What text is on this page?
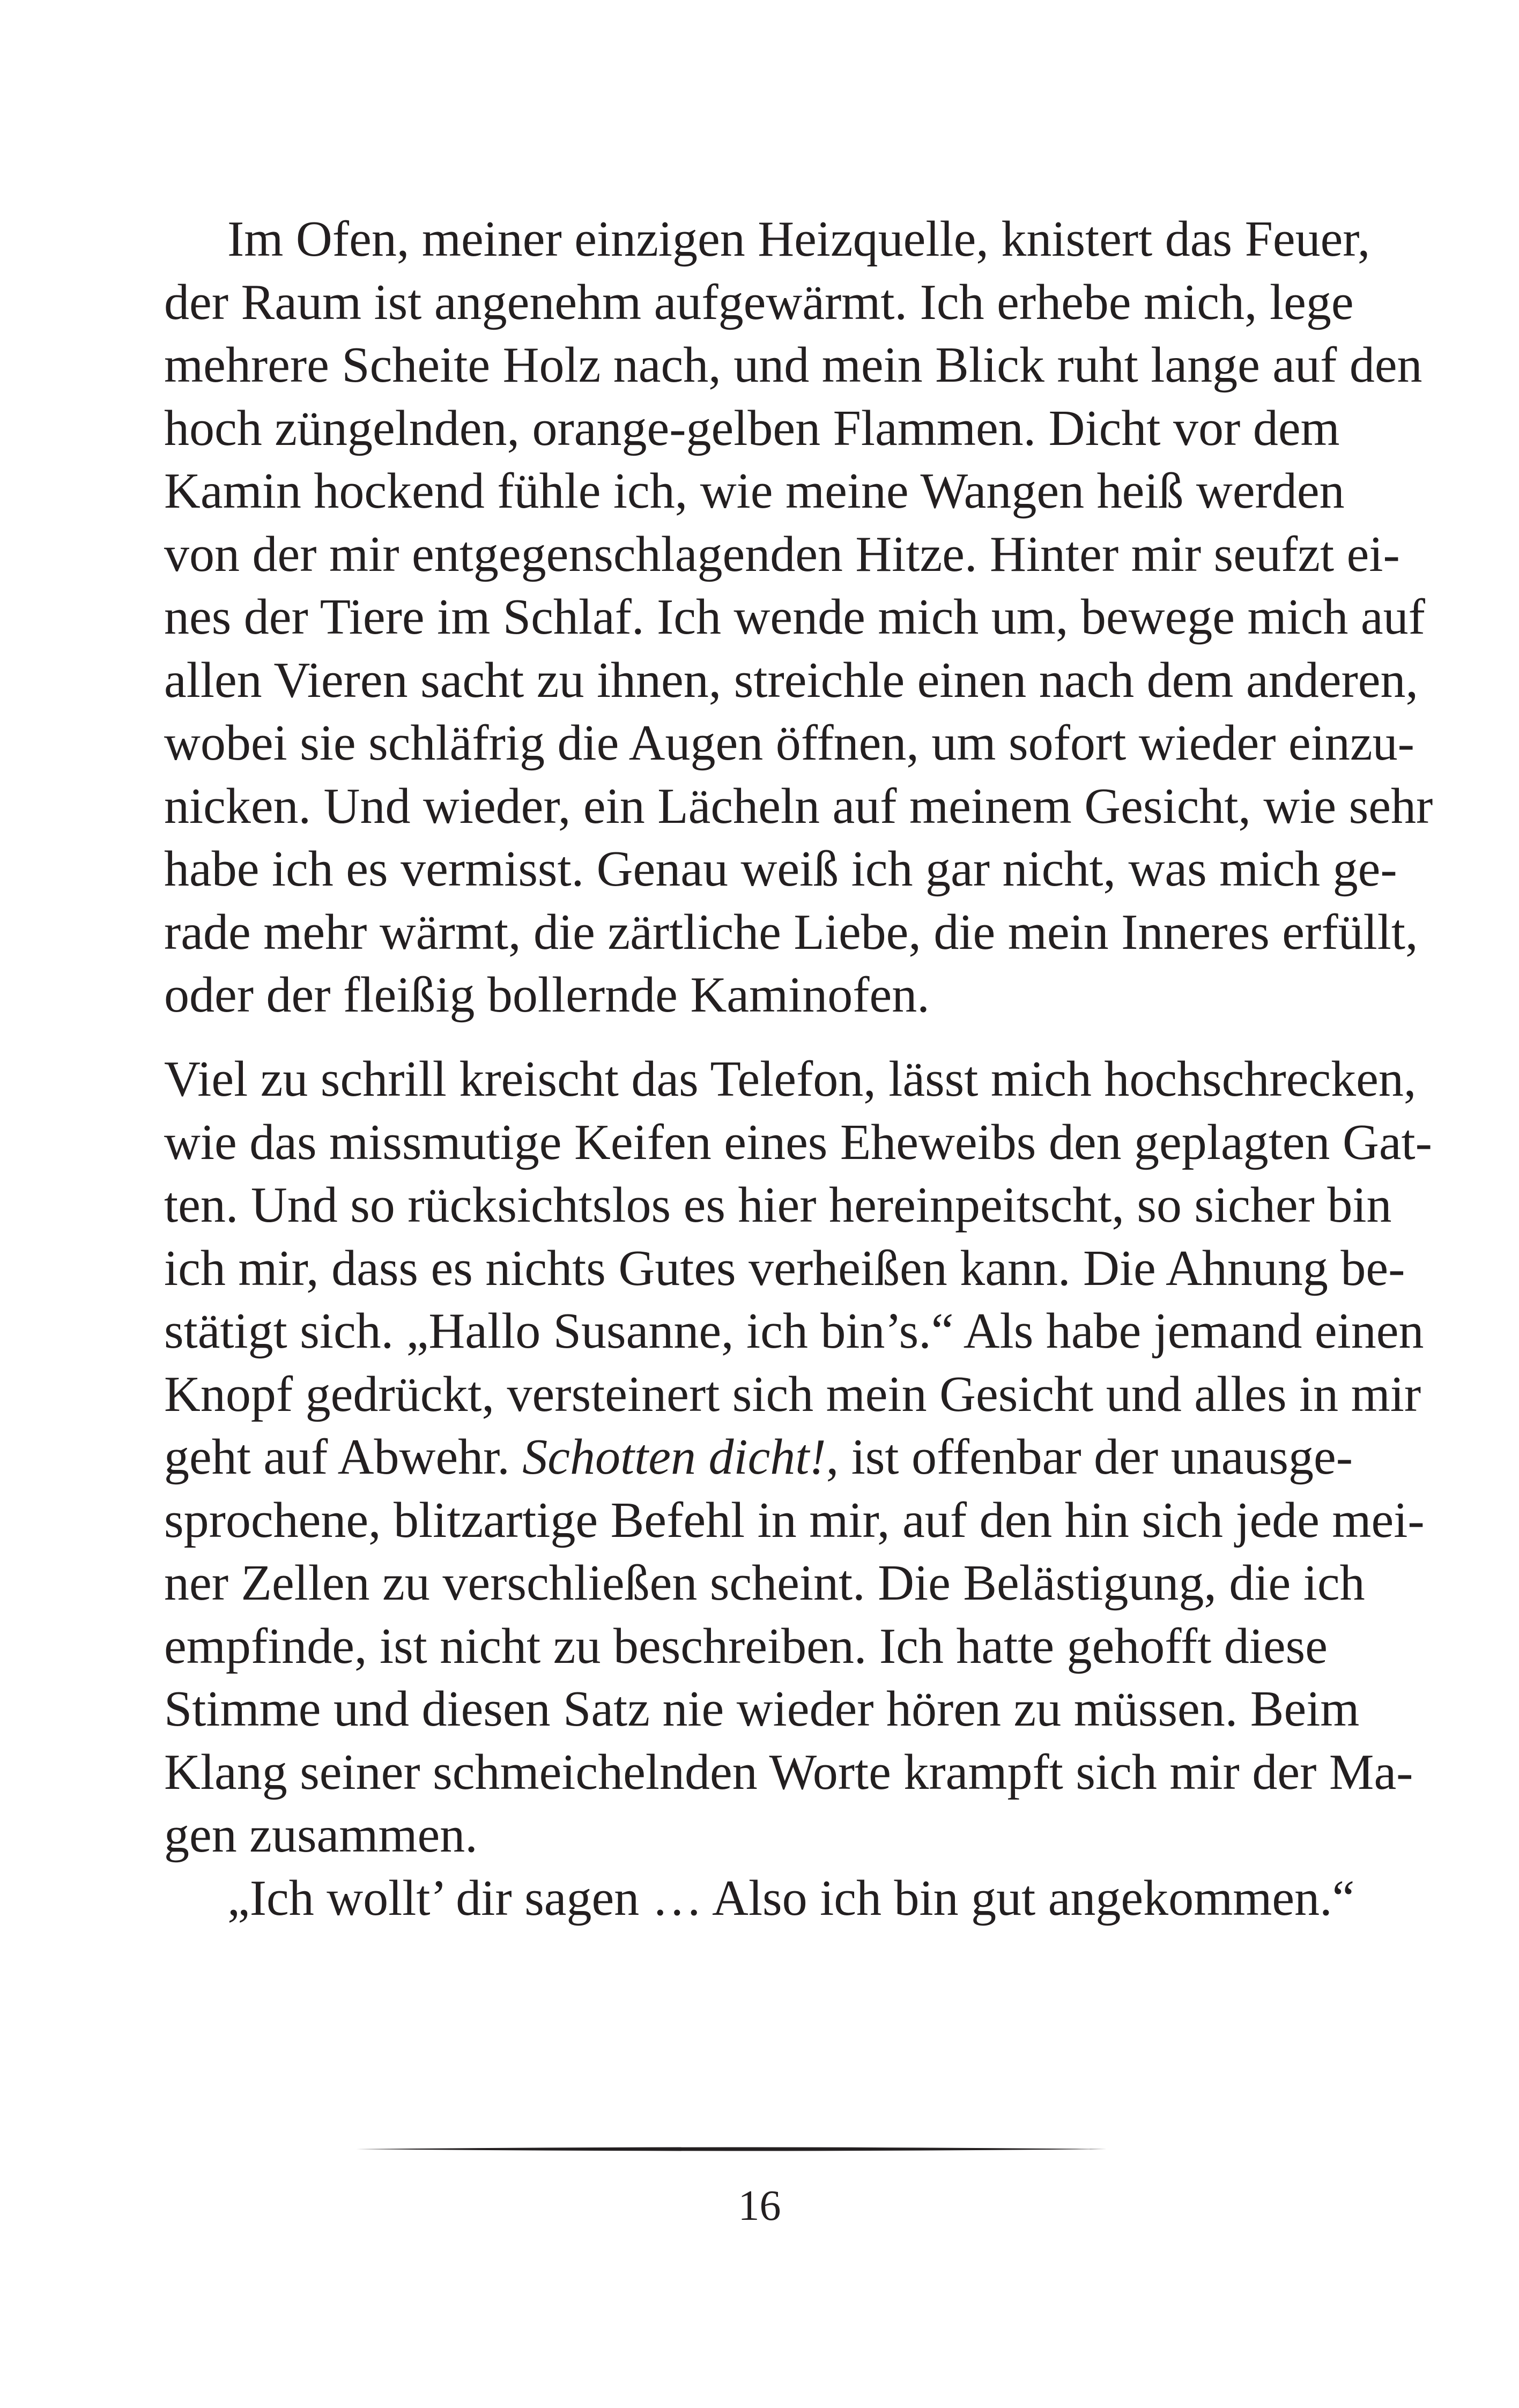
Im Ofen, meiner einzigen Heizquelle, knistert das Feuer,
der Raum ist angenehm aufgewärmt. Ich erhebe mich, lege
mehrere Scheite Holz nach, und mein Blick ruht lange auf den
hoch züngelnden, orange-gelben Flammen. Dicht vor dem
Kamin hockend fühle ich, wie meine Wangen heiß werden
von der mir entgegenschlagenden Hitze. Hinter mir seufzt ei-
nes der Tiere im Schlaf. Ich wende mich um, bewege mich auf
allen Vieren sacht zu ihnen, streichle einen nach dem anderen,
wobei sie schläfrig die Augen öffnen, um sofort wieder einzu-
nicken. Und wieder, ein Lächeln auf meinem Gesicht, wie sehr
habe ich es vermisst. Genau weiß ich gar nicht, was mich ge-
rade mehr wärmt, die zärtliche Liebe, die mein Inneres erfüllt,
oder der fleißig bollernde Kaminofen.
Viel zu schrill kreischt das Telefon, lässt mich hochschrecken,
wie das missmutige Keifen eines Eheweibs den geplagten Gat-
ten. Und so rücksichtslos es hier hereinpeitscht, so sicher bin
ich mir, dass es nichts Gutes verheißen kann. Die Ahnung be-
stätigt sich. „Hallo Susanne, ich bin’s.“ Als habe jemand einen
Knopf gedrückt, versteinert sich mein Gesicht und alles in mir
geht auf Abwehr. Schotten dicht!, ist offenbar der unausge-
sprochene, blitzartige Befehl in mir, auf den hin sich jede mei-
ner Zellen zu verschließen scheint. Die Belästigung, die ich
empfinde, ist nicht zu beschreiben. Ich hatte gehofft diese
Stimme und diesen Satz nie wieder hören zu müssen. Beim
Klang seiner schmeichelnden Worte krampft sich mir der Ma-
gen zusammen.
„Ich wollt’ dir sagen … Also ich bin gut angekommen.“
16
